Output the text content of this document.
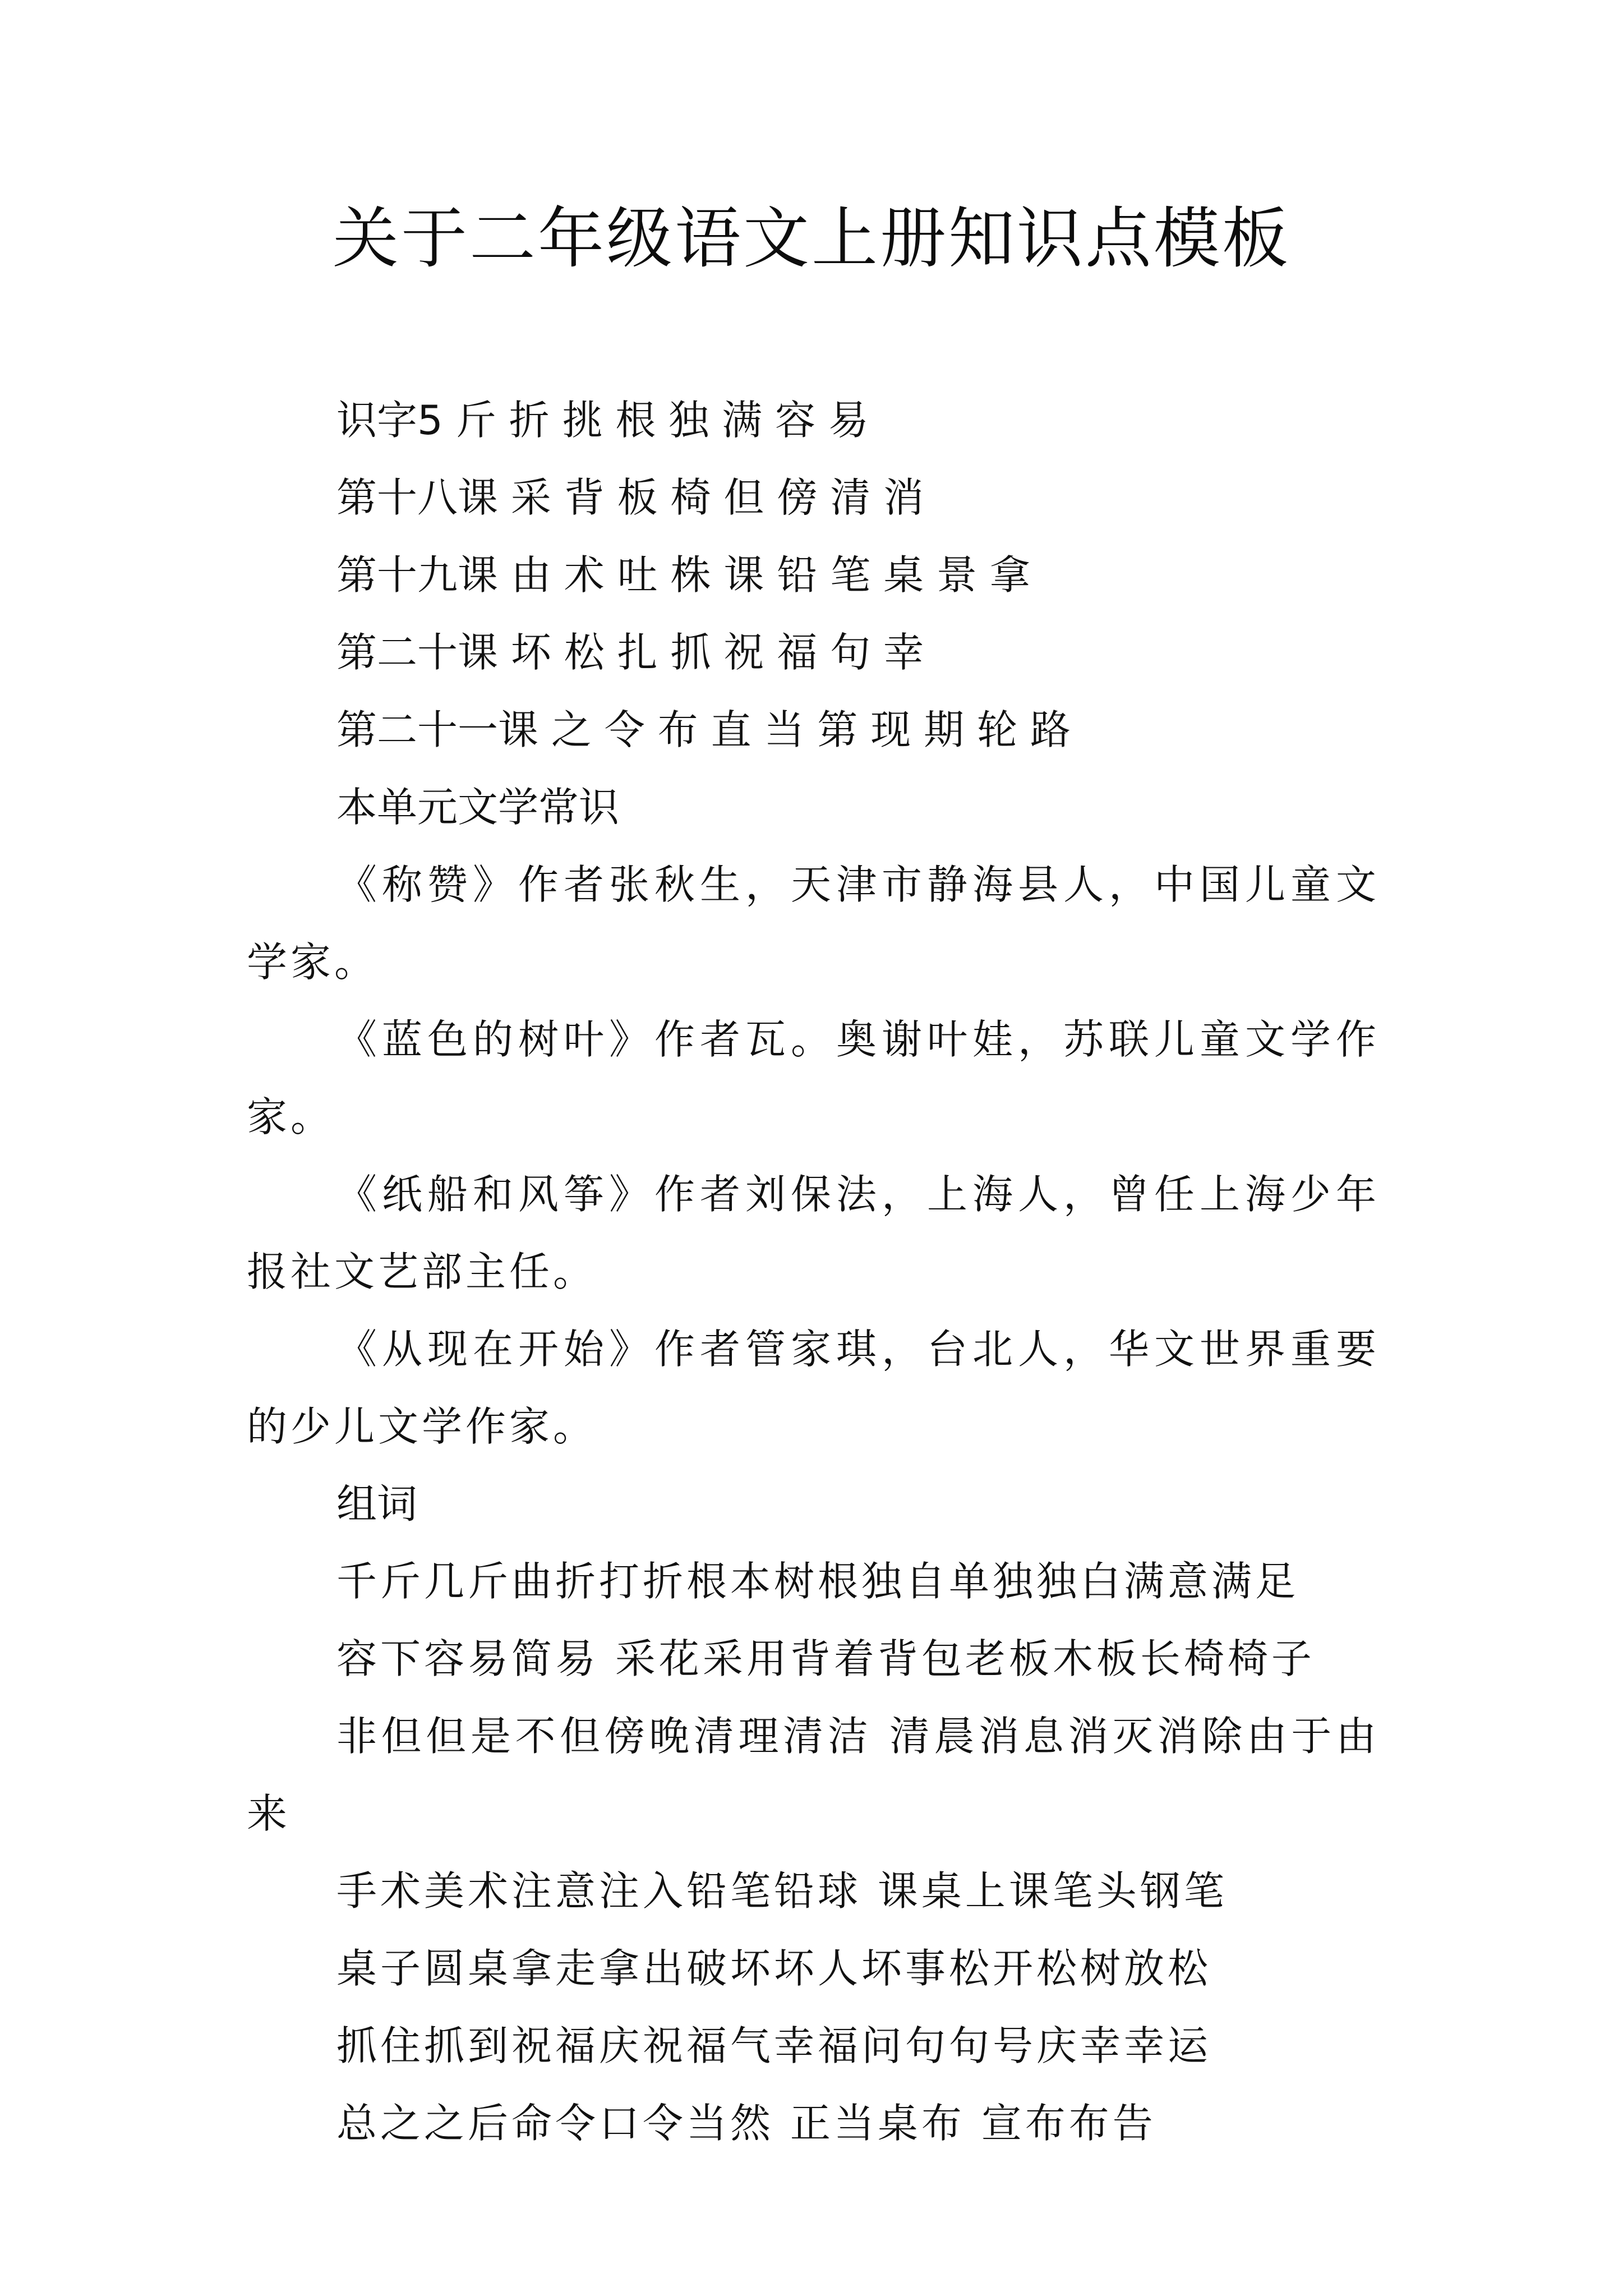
关于二年级语文上册知识点模板

识字5 斤 折 挑 根 独 满 容 易

第十八课 采 背 板 椅 但 傍 清 消

第十九课 由 术 吐 株 课 铅 笔 桌 景 拿

第二十课 坏 松 扎 抓 祝 福 句 幸

第二十一课 之 令 布 直 当 第 现 期 轮 路

本单元文学常识

《称赞》作者张秋生，天津市静海县人，中国儿童文学家。

《蓝色的树叶》作者瓦。奥谢叶娃，苏联儿童文学作家。

《纸船和风筝》作者刘保法，上海人，曾任上海少年报社文艺部主任。

《从现在开始》作者管家琪，台北人，华文世界重要的少儿文学作家。

组词

千斤几斤曲折打折根本树根独自单独独白满意满足

容下容易简易 采花采用背着背包老板木板长椅椅子

非但但是不但傍晚清理清洁 清晨消息消灭消除由于由来

手术美术注意注入铅笔铅球 课桌上课笔头钢笔

桌子圆桌拿走拿出破坏坏人坏事松开松树放松

抓住抓到祝福庆祝福气幸福问句句号庆幸幸运

总之之后命令口令当然 正当桌布 宣布布告
